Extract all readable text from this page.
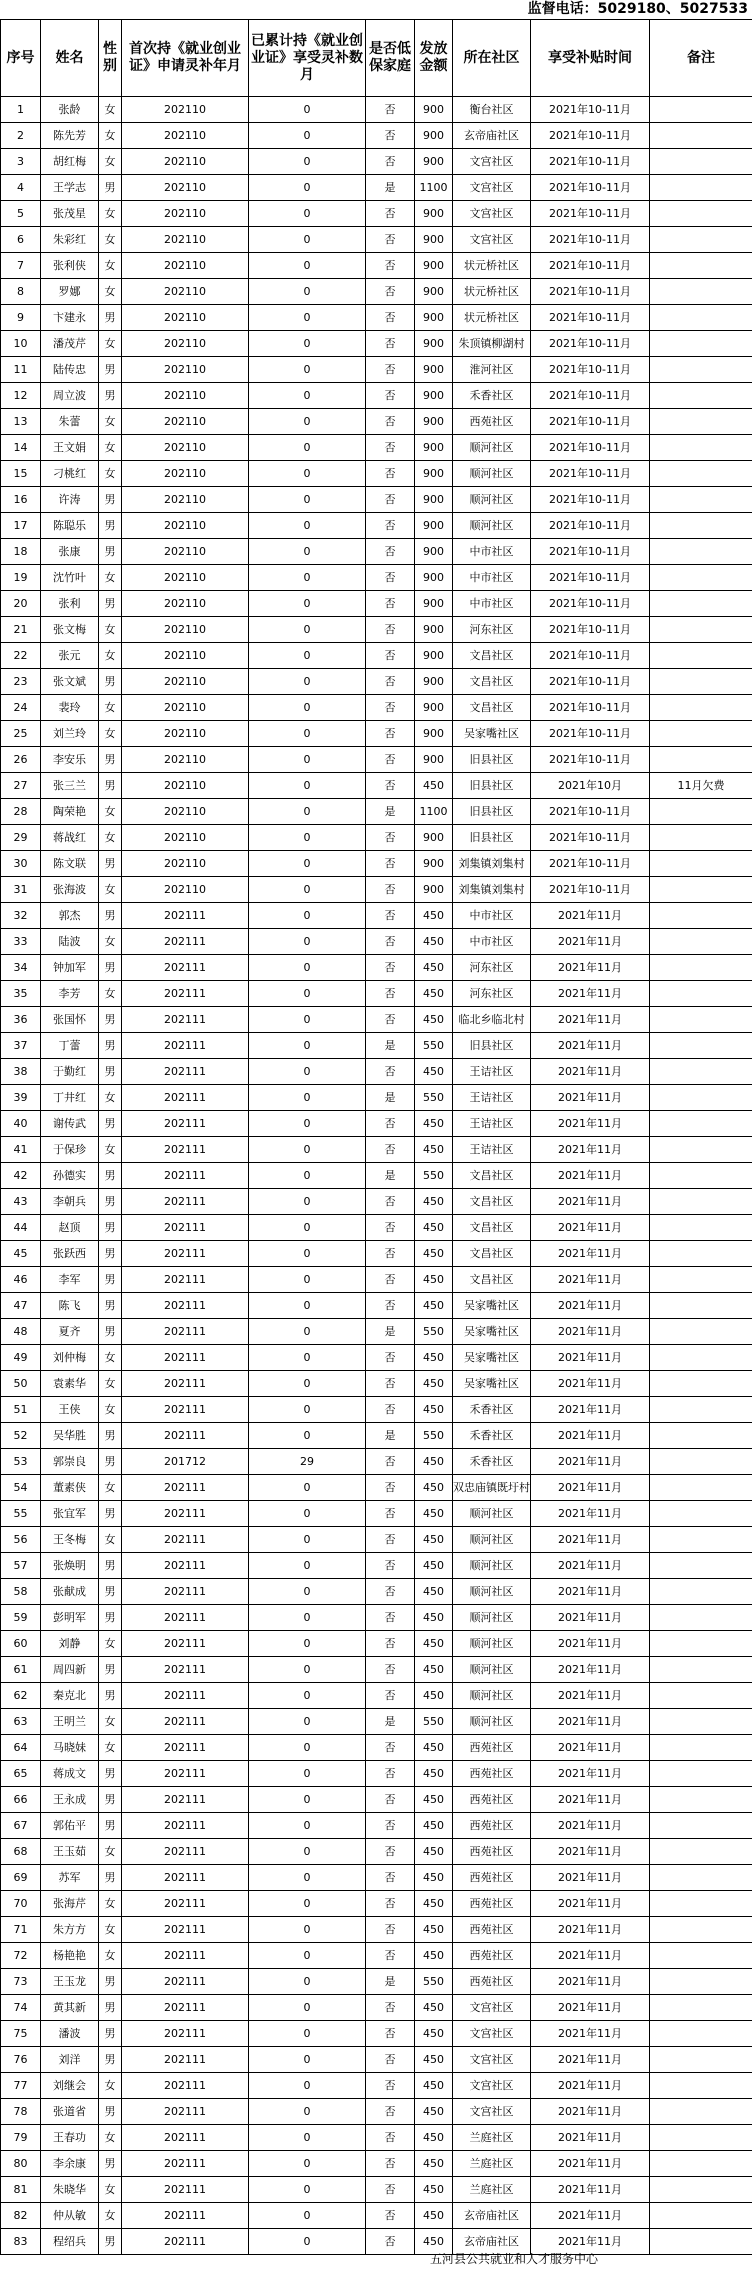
监督电话：5029180、5027533
序号	姓名	性别	首次持《就业创业证》申请灵补年月	已累计持《就业创业证》享受灵补数月	是否低保家庭	发放金额	所在社区	享受补贴时间	备注
1	张龄	女	202110	0	否	900	衡台社区	2021年10-11月	
2	陈先芳	女	202110	0	否	900	玄帝庙社区	2021年10-11月	
3	胡红梅	女	202110	0	否	900	文宫社区	2021年10-11月	
4	王学志	男	202110	0	是	1100	文宫社区	2021年10-11月	
5	张茂星	女	202110	0	否	900	文宫社区	2021年10-11月	
6	朱彩红	女	202110	0	否	900	文宫社区	2021年10-11月	
7	张利侠	女	202110	0	否	900	状元桥社区	2021年10-11月	
8	罗娜	女	202110	0	否	900	状元桥社区	2021年10-11月	
9	卞建永	男	202110	0	否	900	状元桥社区	2021年10-11月	
10	潘茂芹	女	202110	0	否	900	朱顶镇柳湖村	2021年10-11月	
11	陆传忠	男	202110	0	否	900	淮河社区	2021年10-11月	
12	周立波	男	202110	0	否	900	禾香社区	2021年10-11月	
13	朱蕾	女	202110	0	否	900	西苑社区	2021年10-11月	
14	王文娟	女	202110	0	否	900	顺河社区	2021年10-11月	
15	刁桃红	女	202110	0	否	900	顺河社区	2021年10-11月	
16	许涛	男	202110	0	否	900	顺河社区	2021年10-11月	
17	陈聪乐	男	202110	0	否	900	顺河社区	2021年10-11月	
18	张康	男	202110	0	否	900	中市社区	2021年10-11月	
19	沈竹叶	女	202110	0	否	900	中市社区	2021年10-11月	
20	张利	男	202110	0	否	900	中市社区	2021年10-11月	
21	张文梅	女	202110	0	否	900	河东社区	2021年10-11月	
22	张元	女	202110	0	否	900	文昌社区	2021年10-11月	
23	张文斌	男	202110	0	否	900	文昌社区	2021年10-11月	
24	裴玲	女	202110	0	否	900	文昌社区	2021年10-11月	
25	刘兰玲	女	202110	0	否	900	吴家嘴社区	2021年10-11月	
26	李安乐	男	202110	0	否	900	旧县社区	2021年10-11月	
27	张三兰	男	202110	0	否	450	旧县社区	2021年10月	11月欠费
28	陶荣艳	女	202110	0	是	1100	旧县社区	2021年10-11月	
29	蒋战红	女	202110	0	否	900	旧县社区	2021年10-11月	
30	陈文联	男	202110	0	否	900	刘集镇刘集村	2021年10-11月	
31	张海波	女	202110	0	否	900	刘集镇刘集村	2021年10-11月	
32	郭杰	男	202111	0	否	450	中市社区	2021年11月	
33	陆波	女	202111	0	否	450	中市社区	2021年11月	
34	钟加军	男	202111	0	否	450	河东社区	2021年11月	
35	李芳	女	202111	0	否	450	河东社区	2021年11月	
36	张国怀	男	202111	0	否	450	临北乡临北村	2021年11月	
37	丁蕾	男	202111	0	是	550	旧县社区	2021年11月	
38	于勤红	男	202111	0	否	450	王诘社区	2021年11月	
39	丁井红	女	202111	0	是	550	王诘社区	2021年11月	
40	谢传武	男	202111	0	否	450	王诘社区	2021年11月	
41	于保珍	女	202111	0	否	450	王诘社区	2021年11月	
42	孙德实	男	202111	0	是	550	文昌社区	2021年11月	
43	李朝兵	男	202111	0	否	450	文昌社区	2021年11月	
44	赵顶	男	202111	0	否	450	文昌社区	2021年11月	
45	张跃西	男	202111	0	否	450	文昌社区	2021年11月	
46	李军	男	202111	0	否	450	文昌社区	2021年11月	
47	陈飞	男	202111	0	否	450	吴家嘴社区	2021年11月	
48	夏齐	男	202111	0	是	550	吴家嘴社区	2021年11月	
49	刘仲梅	女	202111	0	否	450	吴家嘴社区	2021年11月	
50	袁素华	女	202111	0	否	450	吴家嘴社区	2021年11月	
51	王侠	女	202111	0	否	450	禾香社区	2021年11月	
52	吴华胜	男	202111	0	是	550	禾香社区	2021年11月	
53	郭崇良	男	201712	29	否	450	禾香社区	2021年11月	
54	董素侠	女	202111	0	否	450	双忠庙镇既圩村	2021年11月	
55	张宜军	男	202111	0	否	450	顺河社区	2021年11月	
56	王冬梅	女	202111	0	否	450	顺河社区	2021年11月	
57	张焕明	男	202111	0	否	450	顺河社区	2021年11月	
58	张献成	男	202111	0	否	450	顺河社区	2021年11月	
59	彭明军	男	202111	0	否	450	顺河社区	2021年11月	
60	刘静	女	202111	0	否	450	顺河社区	2021年11月	
61	周四新	男	202111	0	否	450	顺河社区	2021年11月	
62	秦克北	男	202111	0	否	450	顺河社区	2021年11月	
63	王明兰	女	202111	0	是	550	顺河社区	2021年11月	
64	马晓妹	女	202111	0	否	450	西苑社区	2021年11月	
65	蒋成文	男	202111	0	否	450	西苑社区	2021年11月	
66	王永成	男	202111	0	否	450	西苑社区	2021年11月	
67	郭佑平	男	202111	0	否	450	西苑社区	2021年11月	
68	王玉茹	女	202111	0	否	450	西苑社区	2021年11月	
69	苏军	男	202111	0	否	450	西苑社区	2021年11月	
70	张海芹	女	202111	0	否	450	西苑社区	2021年11月	
71	朱方方	女	202111	0	否	450	西苑社区	2021年11月	
72	杨艳艳	女	202111	0	否	450	西苑社区	2021年11月	
73	王玉龙	男	202111	0	是	550	西苑社区	2021年11月	
74	黄其新	男	202111	0	否	450	文宫社区	2021年11月	
75	潘波	男	202111	0	否	450	文宫社区	2021年11月	
76	刘洋	男	202111	0	否	450	文宫社区	2021年11月	
77	刘继会	女	202111	0	否	450	文宫社区	2021年11月	
78	张道省	男	202111	0	否	450	文宫社区	2021年11月	
79	王春功	女	202111	0	否	450	兰庭社区	2021年11月	
80	李余康	男	202111	0	否	450	兰庭社区	2021年11月	
81	朱晓华	女	202111	0	否	450	兰庭社区	2021年11月	
82	仲从敏	女	202111	0	否	450	玄帝庙社区	2021年11月	
83	程绍兵	男	202111	0	否	450	玄帝庙社区	2021年11月	
五河县公共就业和人才服务中心
